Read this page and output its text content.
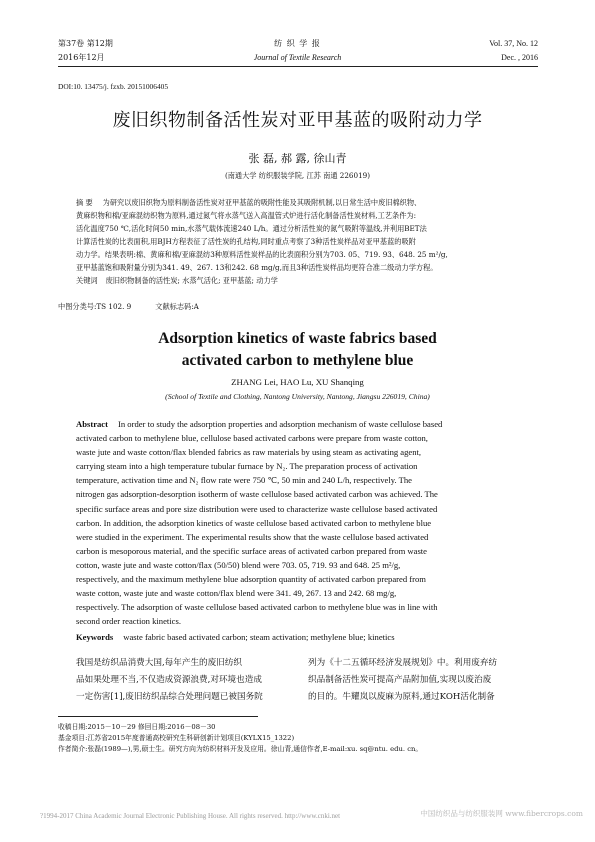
第37卷 第12期
2016年12月
纺 织 学 报
Journal of Textile Research
Vol. 37, No. 12
Dec. , 2016
DOI:10. 13475/j. fzxb. 20151006405
废旧织物制备活性炭对亚甲基蓝的吸附动力学
张 磊, 郝 露, 徐山青
(南通大学 纺织服装学院, 江苏 南通 226019)
摘 要 为研究以废旧织物为原料制备活性炭对亚甲基蓝的吸附性能及其吸附机制,以日常生活中废旧棉织物、
黄麻织物和棉/亚麻混纺织物为原料,通过氮气将水蒸气送入高温管式炉进行活化制备活性炭材料,工艺条件为:
活化温度750 ℃,活化时间50 min,水蒸气载体流速240 L/h。通过分析活性炭的氮气吸附等温线,并利用BET法
计算活性炭的比表面积,用BJH方程表征了活性炭的孔结构,同时重点考察了3种活性炭样品对亚甲基蓝的吸附
动力学。结果表明:棉、黄麻和棉/亚麻混纺3种原料活性炭样品的比表面积分别为703. 05、719. 93、648. 25 m²/g,
亚甲基蓝饱和吸附量分别为341. 49、267. 13和242. 68 mg/g,而且3种活性炭样品均更符合准二级动力学方程。
关键词 废旧织物制备的活性炭; 水蒸气活化; 亚甲基蓝; 动力学
中图分类号:TS 102. 9	文献标志码:A
Adsorption kinetics of waste fabrics based
activated carbon to methylene blue
ZHANG Lei, HAO Lu, XU Shanqing
(School of Textile and Clothing, Nantong University, Nantong, Jiangsu 226019, China)
Abstract In order to study the adsorption properties and adsorption mechanism of waste cellulose based
activated carbon to methylene blue, cellulose based activated carbons were prepare from waste cotton,
waste jute and waste cotton/flax blended fabrics as raw materials by using steam as activating agent,
carrying steam into a high temperature tubular furnace by N₂. The preparation process of activation
temperature, activation time and N₂ flow rate were 750 ℃, 50 min and 240 L/h, respectively. The
nitrogen gas adsorption-desorption isotherm of waste cellulose based activated carbon was achieved. The
specific surface areas and pore size distribution were used to characterize waste cellulose based activated
carbon. In addition, the adsorption kinetics of waste cellulose based activated carbon to methylene blue
were studied in the experiment. The experimental results show that the waste cellulose based activated
carbon is mesoporous material, and the specific surface areas of activated carbon prepared from waste
cotton, waste jute and waste cotton/flax (50/50) blend were 703. 05, 719. 93 and 648. 25 m²/g,
respectively, and the maximum methylene blue adsorption quantity of activated carbon prepared from
waste cotton, waste jute and waste cotton/flax blend were 341. 49, 267. 13 and 242. 68 mg/g,
respectively. The adsorption of waste cellulose based activated carbon to methylene blue was in line with
second order reaction kinetics.
Keywords waste fabric based activated carbon; steam activation; methylene blue; kinetics
我国是纺织品消费大国,每年产生的废旧纺织
品如果处理不当,不仅造成资源浪费,对环境也造成
一定伤害[1],废旧纺织品综合处理问题已被国务院
列为《十二五循环经济发展规划》中。利用废弃纺
织品制备活性炭可提高产品附加值,实现以废治废
的目的。牛耀岚以废麻为原料,通过KOH活化制备
收稿日期:2015－10－29 修回日期:2016－08－30
基金项目:江苏省2015年度普通高校研究生科研创新计划项目(KYLX15_1322)
作者简介:张磊(1989—),男,硕士生。研究方向为纺织材料开发及应用。徐山青,通信作者,E-mail:xu. sq@ntu. edu. cn。
?1994-2017 China Academic Journal Electronic Publishing House. All rights reserved. http://www.cnki.net	中国纺织品与纺织服装网 www.fibercrops.com
